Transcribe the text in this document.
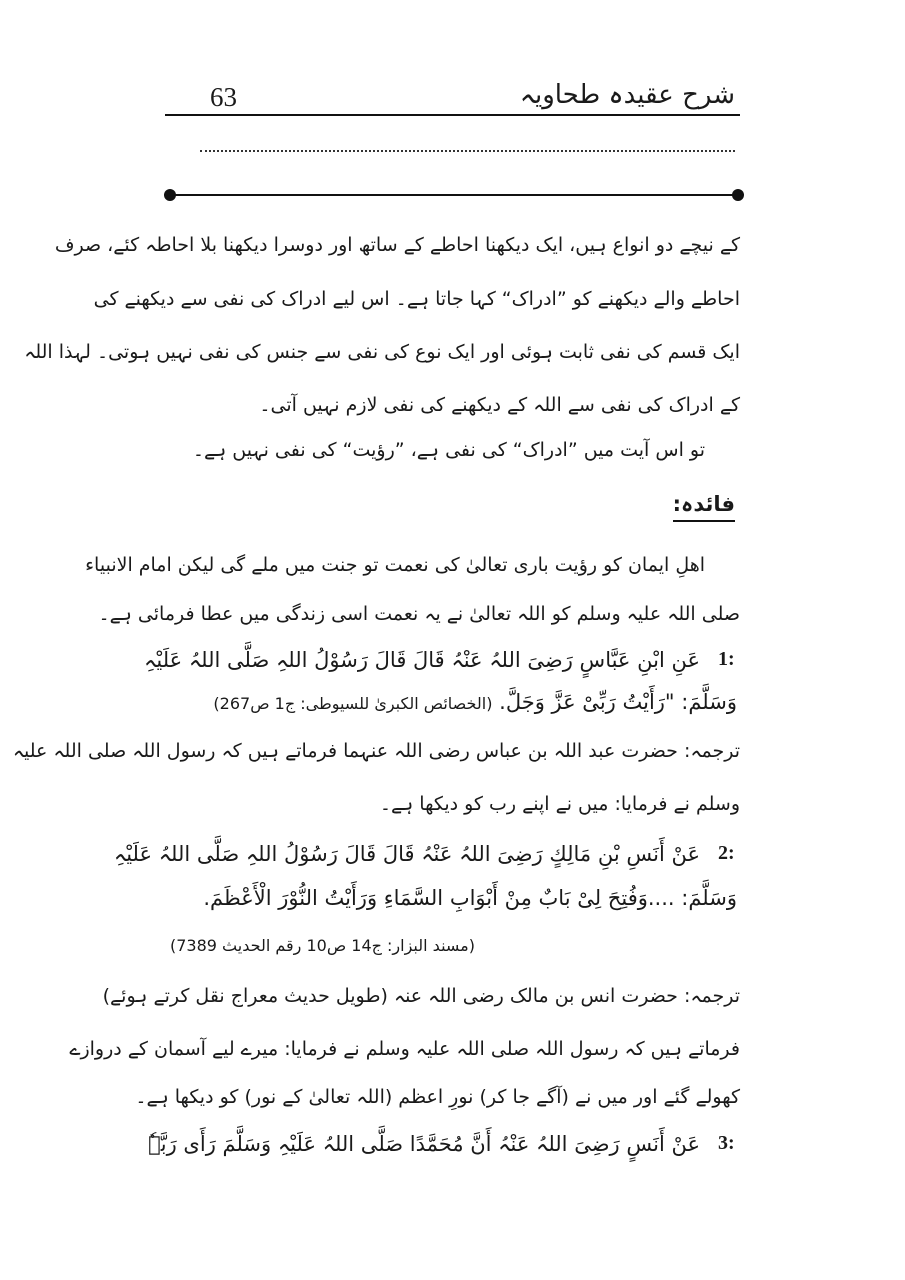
63	شرح عقیدہ طحاویہ
کے نیچے دو انواع ہیں، ایک دیکھنا احاطے کے ساتھ اور دوسرا دیکھنا بلا احاطہ کئے، صرف
احاطے والے دیکھنے کو ”ادراک“ کہا جاتا ہے۔ اس لیے ادراک کی نفی سے دیکھنے کی
ایک قسم کی نفی ثابت ہوئی اور ایک نوع کی نفی سے جنس کی نفی نہیں ہوتی۔ لہذا اللہ
کے ادراک کی نفی سے اللہ کے دیکھنے کی نفی لازم نہیں آتی۔
تو اس آیت میں ”ادراک“ کی نفی ہے، ”رؤیت“ کی نفی نہیں ہے۔
فائدہ:
اھلِ ایمان کو رؤیت باری تعالیٰ کی نعمت تو جنت میں ملے گی لیکن امام الانبیاء
صلی اللہ علیہ وسلم کو اللہ تعالیٰ نے یہ نعمت اسی زندگی میں عطا فرمائی ہے۔
1:
عَنِ ابْنِ عَبَّاسٍ رَضِیَ اللہُ عَنْہُ قَالَ قَالَ رَسُوْلُ اللہِ صَلَّی اللہُ عَلَیْہِ
وَسَلَّمَ: "رَأَیْتُ رَبِّیْ عَزَّ وَجَلَّ. (الخصائص الکبریٰ للسیوطی: ج1 ص267)
ترجمہ: حضرت عبد اللہ بن عباس رضی اللہ عنہما فرماتے ہیں کہ رسول اللہ صلی اللہ علیہ
وسلم نے فرمایا: میں نے اپنے رب کو دیکھا ہے۔
2:
عَنْ أَنَسِ بْنِ مَالِكٍ رَضِیَ اللہُ عَنْہُ قَالَ قَالَ رَسُوْلُ اللہِ صَلَّی اللہُ عَلَیْہِ
وَسَلَّمَ: ....وَفُتِحَ لِیْ بَابٌ مِنْ أَبْوَابِ السَّمَاءِ وَرَأَیْتُ النُّوْرَ الْأَعْظَمَ.
(مسند البزار: ج14 ص10 رقم الحدیث 7389)
ترجمہ: حضرت انس بن مالک رضی اللہ عنہ (طویل حدیث معراج نقل کرتے ہوئے)
فرماتے ہیں کہ رسول اللہ صلی اللہ علیہ وسلم نے فرمایا: میرے لیے آسمان کے دروازے
کھولے گئے اور میں نے (آگے جا کر) نورِ اعظم (اللہ تعالیٰ کے نور) کو دیکھا ہے۔
3:
عَنْ أَنَسٍ رَضِیَ اللہُ عَنْہُ أَنَّ مُحَمَّدًا صَلَّی اللہُ عَلَیْہِ وَسَلَّمَ رَأَی رَبَّہٗ
